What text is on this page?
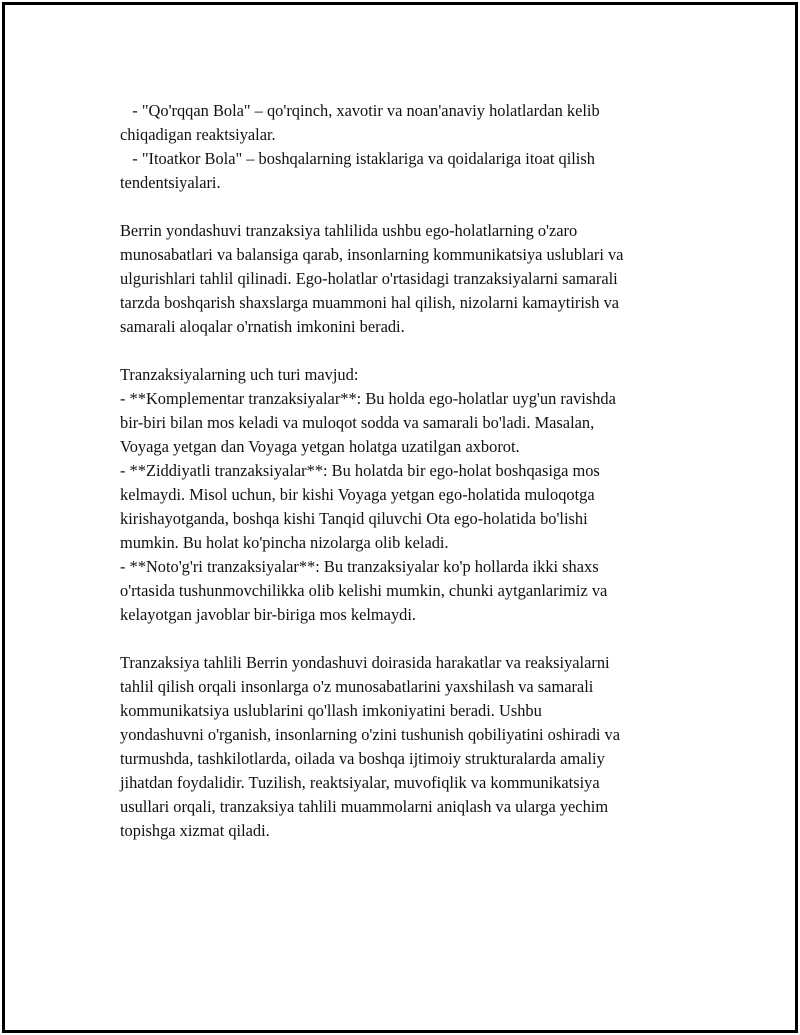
- "Qo'rqqan Bola" – qo'rqinch, xavotir va noan'anaviy holatlardan kelib
chiqadigan reaktsiyalar.
- "Itoatkor Bola" – boshqalarning istaklariga va qoidalariga itoat qilish
tendentsiyalari.
Berrin yondashuvi tranzaksiya tahlilida ushbu ego-holatlarning o'zaro
munosabatlari va balansiga qarab, insonlarning kommunikatsiya uslublari va
ulgurishlari tahlil qilinadi. Ego-holatlar o'rtasidagi tranzaksiyalarni samarali
tarzda boshqarish shaxslarga muammoni hal qilish, nizolarni kamaytirish va
samarali aloqalar o'rnatish imkonini beradi.
Tranzaksiyalarning uch turi mavjud:
- **Komplementar tranzaksiyalar**: Bu holda ego-holatlar uyg'un ravishda
bir-biri bilan mos keladi va muloqot sodda va samarali bo'ladi. Masalan,
Voyaga yetgan dan Voyaga yetgan holatga uzatilgan axborot.
- **Ziddiyatli tranzaksiyalar**: Bu holatda bir ego-holat boshqasiga mos
kelmaydi. Misol uchun, bir kishi Voyaga yetgan ego-holatida muloqotga
kirishayotganda, boshqa kishi Tanqid qiluvchi Ota ego-holatida bo'lishi
mumkin. Bu holat ko'pincha nizolarga olib keladi.
- **Noto'g'ri tranzaksiyalar**: Bu tranzaksiyalar ko'p hollarda ikki shaxs
o'rtasida tushunmovchilikka olib kelishi mumkin, chunki aytganlarimiz va
kelayotgan javoblar bir-biriga mos kelmaydi.
Tranzaksiya tahlili Berrin yondashuvi doirasida harakatlar va reaksiyalarni
tahlil qilish orqali insonlarga o'z munosabatlarini yaxshilash va samarali
kommunikatsiya uslublarini qo'llash imkoniyatini beradi. Ushbu
yondashuvni o'rganish, insonlarning o'zini tushunish qobiliyatini oshiradi va
turmushda, tashkilotlarda, oilada va boshqa ijtimoiy strukturalarda amaliy
jihatdan foydalidir. Tuzilish, reaktsiyalar, muvofiqlik va kommunikatsiya
usullari orqali, tranzaksiya tahlili muammolarni aniqlash va ularga yechim
topishga xizmat qiladi.
